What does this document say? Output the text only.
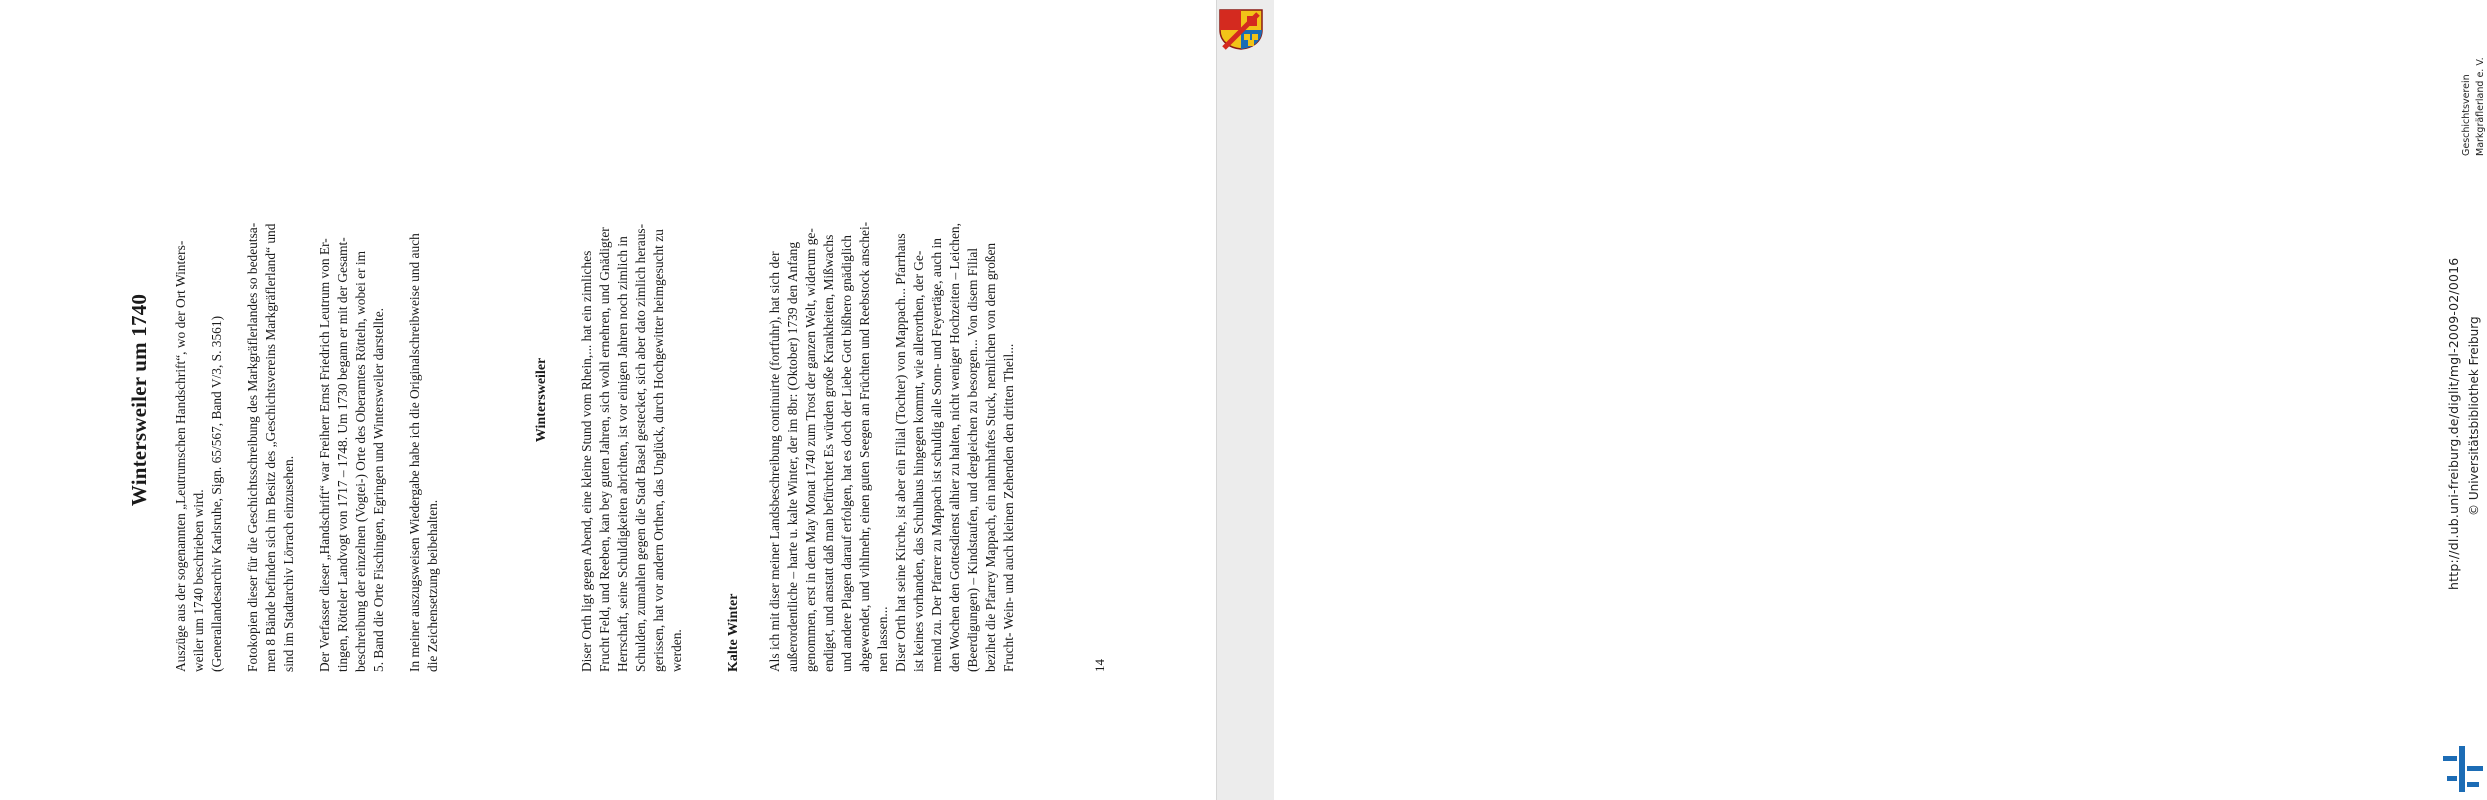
Wintersweiler um 1740

Auszüge aus der sogenannten „Leutrumschen Handschrift“, wo der Ort Winters-
weiler um 1740 beschrieben wird.
(Generallandesarchiv Karlsruhe, Sign. 65/567, Band V/3, S. 3561)

Fotokopien dieser für die Geschichtsschreibung des Markgräflerlandes so bedeutsa-
men 8 Bände befinden sich im Besitz des „Geschichtsvereins Markgräflerland“ und
sind im Stadtarchiv Lörrach einzusehen.

Der Verfasser dieser „Handschrift“ war Freiherr Ernst Friedrich Leutrum von Er-
tingen, Rötteler Landvogt von 1717 – 1748. Um 1730 begann er mit der Gesamt-
beschreibung der einzelnen (Vogtei-) Orte des Oberamtes Rötteln, wobei er im
5. Band die Orte Fischingen, Egringen und Wintersweiler darstellte.

In meiner auszugsweisen Wiedergabe habe ich die Originalschreibweise und auch
die Zeichensetzung beibehalten.

Wintersweiler

Diser Orth ligt gegen Abend, eine kleine Stund vom Rhein,... hat ein zimliches
Frucht Feld, und Reeben, kan bey guten Jahren, sich wohl ernehren, und Gnädigter
Herrschaft, seine Schuldigkeiten abrichten, ist vor einigen Jahren noch zimlich in
Schulden, zumahlen gegen die Stadt Basel gestecket, sich aber dato zimlich heraus-
gerissen, hat vor andern Orthen, das Unglück, durch Hochgewitter heimgesucht zu
werden.	Kalte Winter Als ich mit diser meiner Landsbeschreibung continuirte (fortfuhr), hat sich der
außerordentliche – harte u. kalte Winter, der im 8br: (Oktober) 1739 den Anfang
genommen, erst in dem May Monat 1740 zum Trost der ganzen Welt, widerum ge-
endiget, und anstatt daß man befürchtet Es würden große Krankheiten, Mißwachs
und andere Plagen darauf erfolgen, hat es doch der Liebe Gott bißhero gnädiglich
abgewendet, und vihlmehr, einen guten Seegen an Früchten und Reebstock anschei-
nen lassen...
Diser Orth hat seine Kirche, ist aber ein Filial (Tochter) von Mappach... Pfarrhaus
ist keines vorhanden, das Schulhaus hingegen kommt, wie allerorthen, der Ge-
meind zu. Der Pfarrer zu Mappach ist schuldig alle Sonn- und Feyertäge, auch in
den Wochen den Gottesdienst alhier zu halten, nicht weniger Hochzeiten – Leichen,
(Beerdigungen) – Kindstaufen, und dergleichen zu besorgen... Von disem Filial
bezihet die Pfarrey Mappach, ein nahmhaftes Stuck, nemlichen von dem großen
Frucht- Wein- und auch kleinen Zehenden den dritten Theil...

14
Geschichtsverein Markgräflerland e. V.
http://dl.ub.uni-freiburg.de/diglit/mgl-2009-02/0016 © Universitätsbibliothek Freiburg
